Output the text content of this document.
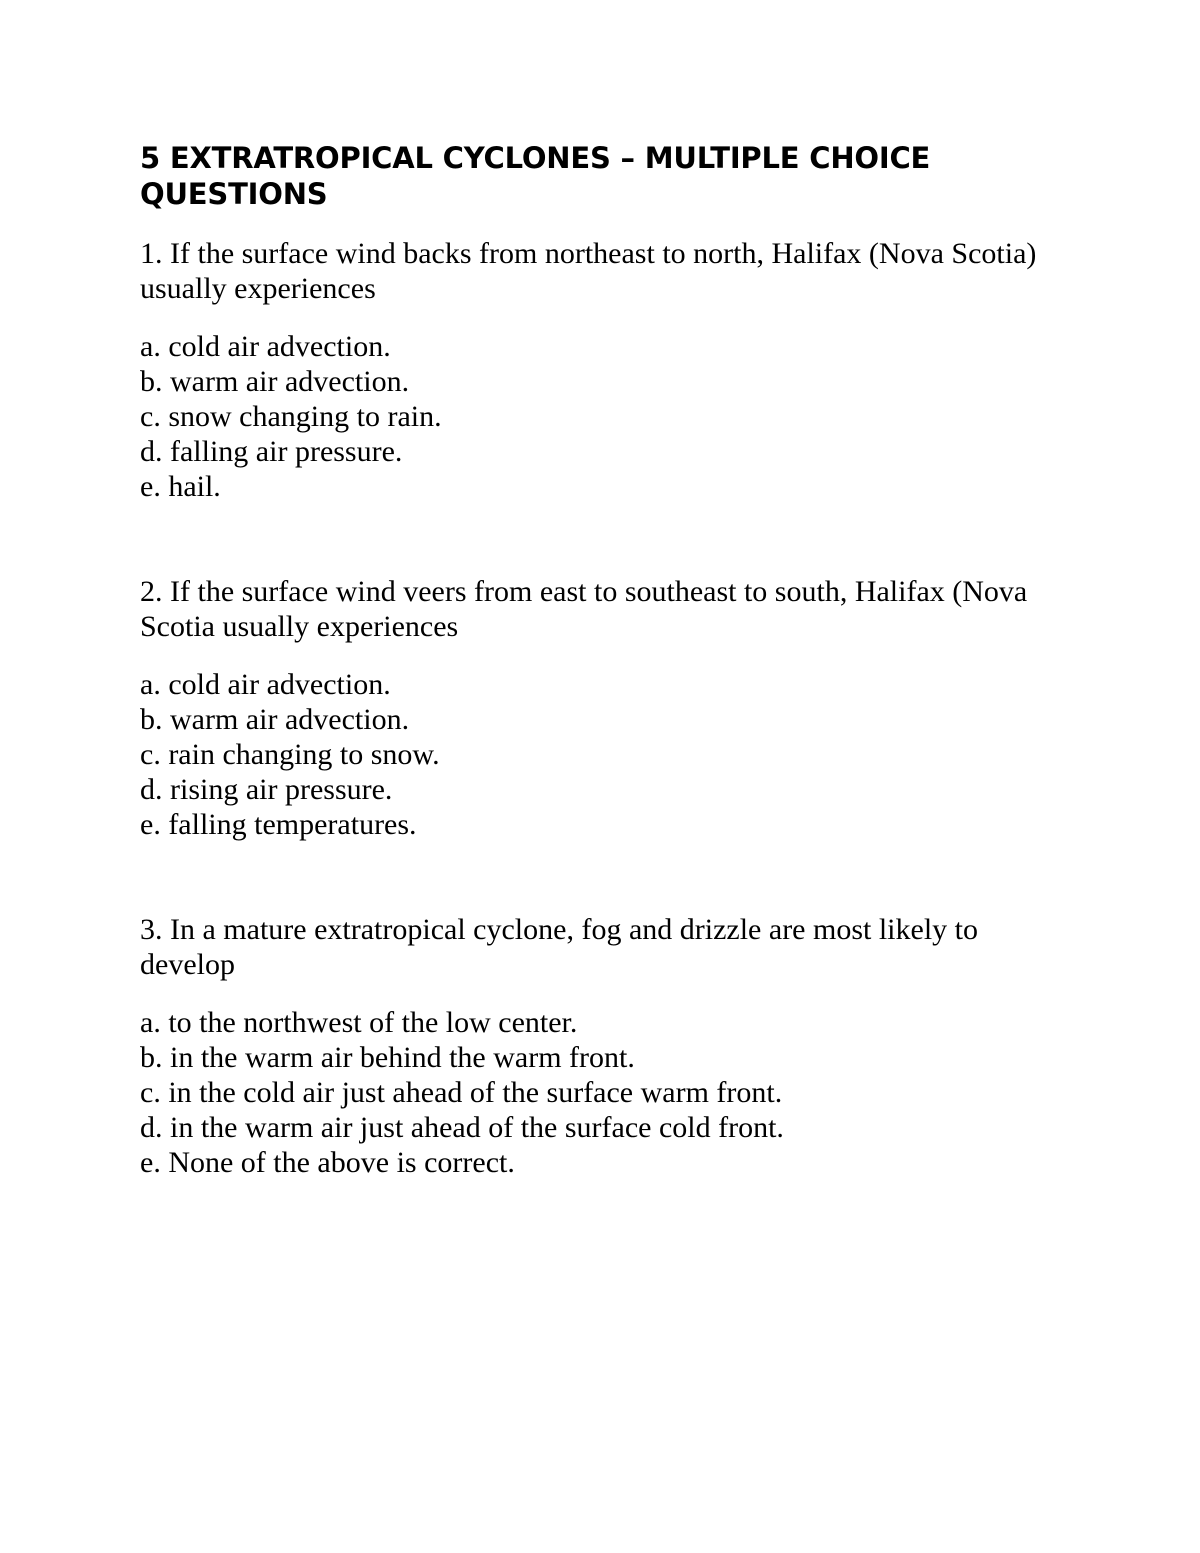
5 EXTRATROPICAL CYCLONES – MULTIPLE CHOICE QUESTIONS

1. If the surface wind backs from northeast to north, Halifax (Nova Scotia) usually experiences

a. cold air advection.
b. warm air advection.
c. snow changing to rain.
d. falling air pressure.
e. hail.

2. If the surface wind veers from east to southeast to south, Halifax (Nova Scotia usually experiences

a. cold air advection.
b. warm air advection.
c. rain changing to snow.
d. rising air pressure.
e. falling temperatures.

3. In a mature extratropical cyclone, fog and drizzle are most likely to develop

a. to the northwest of the low center.
b. in the warm air behind the warm front.
c. in the cold air just ahead of the surface warm front.
d. in the warm air just ahead of the surface cold front.
e. None of the above is correct.
